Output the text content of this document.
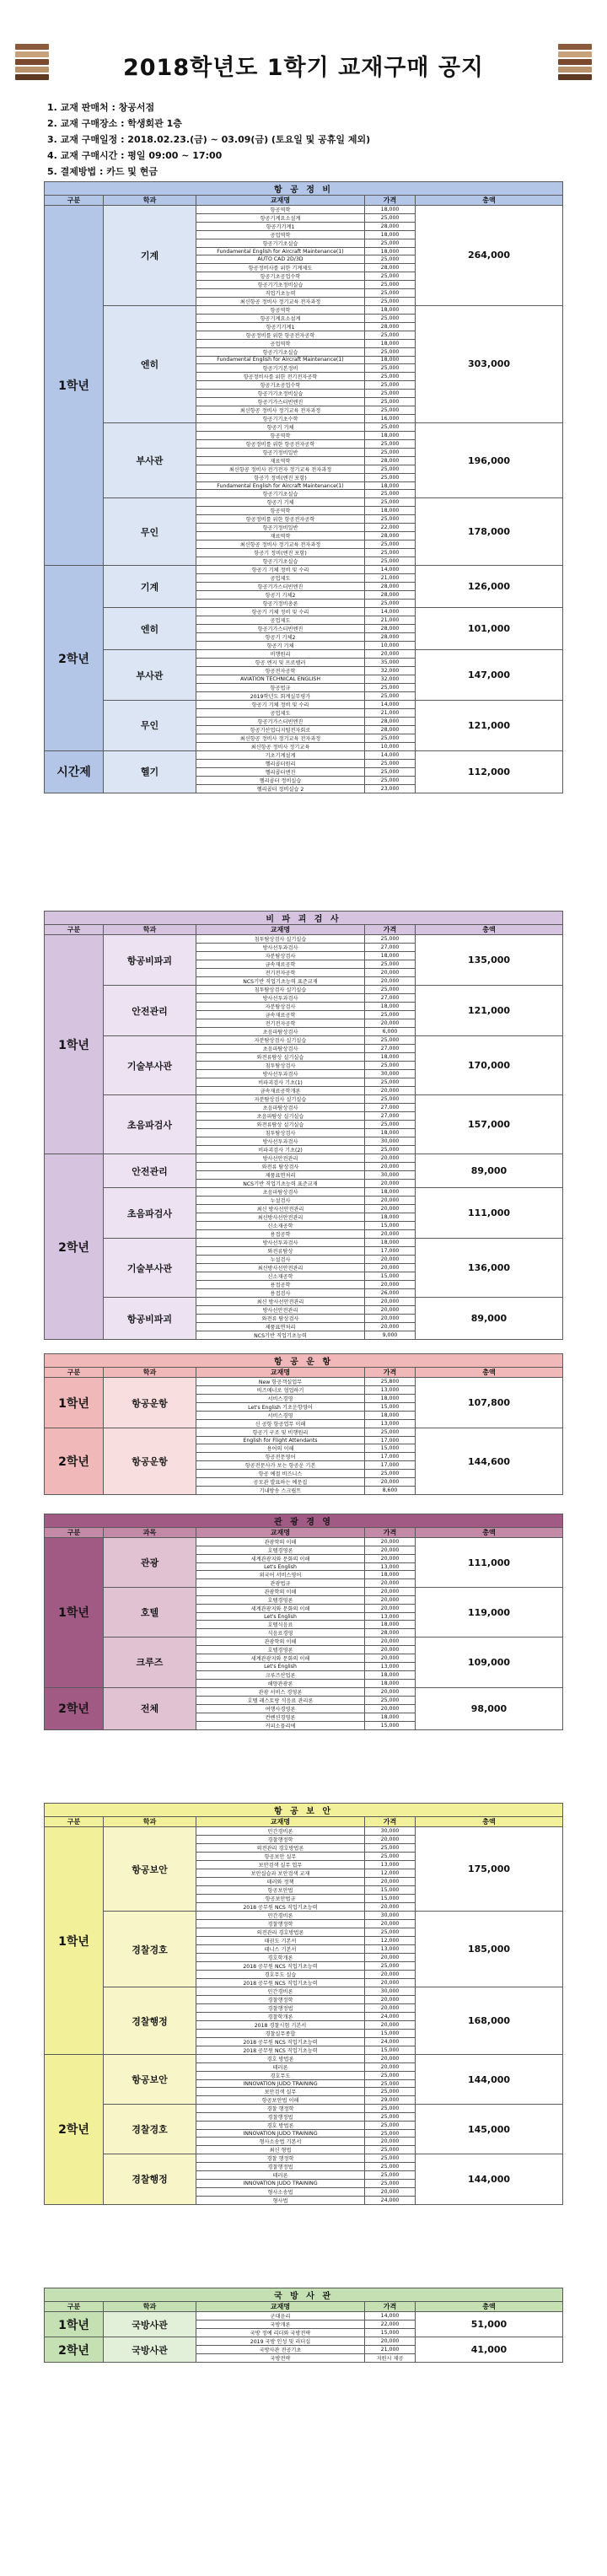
2018학년도 1학기 교재구매 공지
1. 교재 판매처 : 창공서점
2. 교재 구매장소 : 학생회관 1층
3. 교재 구매일정 : 2018.02.23.(금) ~ 03.09(금) (토요일 및 공휴일 제외)
4. 교재 구매시간 : 평일 09:00 ~ 17:00
5. 결제방법 : 카드 및 현금
항 공 정 비				
구분	학과	교재명	가격	총액
1학년	기계	항공역학	18,000	264,000
		항공기계요소설계	25,000	
		항공기기계1	28,000	
		공업역학	18,000	
		항공기기초실습	25,000	
		Fundamental English for Aircraft Maintenance(1)	18,000	
		AUTO CAD 2D/3D	25,000	
		항공정비사를 위한 기계제도	28,000	
		항공기초공업수학	25,000	
		항공기기초정비실습	25,000	
		직업기초능력	25,000	
		최신항공 정비사 정기교육 전자과정	25,000	
	엔히	항공역학	18,000	303,000
		항공기계요소설계	25,000	
		항공기기계1	28,000	
		항공정비를 위한 항공전자공학	25,000	
		공업역학	18,000	
		항공기기초실습	25,000	
		Fundamental English for Aircraft Maintenance(1)	18,000	
		항공기기본정비	25,000	
		항공정비사를 위한 전기전자공학	25,000	
		항공기초공업수학	25,000	
		항공기기초정비실습	25,000	
		항공기가스터빈엔진	25,000	
		최신항공 정비사 정기교육 전자과정	25,000	
		항공기기초수학	16,000	
	부사관	항공기 기체	25,000	196,000
		항공역학	18,000	
		항공정비를 위한 항공전자공학	25,000	
		항공기정비일반	25,000	
		재료역학	28,000	
		최신항공 정비사 전기전자 정기교육 전자과정	25,000	
		항공기 정비(엔진 포함)	25,000	
		Fundamental English for Aircraft Maintenance(1)	18,000	
		항공기기초실습	25,000	
	무인	항공기 기체	25,000	178,000
		항공역학	18,000	
		항공정비를 위한 항공전자공학	25,000	
		항공기정비일반	22,000	
		재료역학	28,000	
		최신항공 정비사 정기교육 전자과정	25,000	
		항공기 정비(엔진 포함)	25,000	
		항공기기초실습	25,000	
2학년	기계	항공기 기체 정비 및 수리	14,000	126,000
		공업제도	21,000	
		항공기가스터빈엔진	28,000	
		항공기 기체2	28,000	
		항공기정비총론	25,000	
	엔히	항공기 기체 정비 및 수리	14,000	101,000
		공업제도	21,000	
		항공기가스터빈엔진	28,000	
		항공기 기체2	28,000	
		항공기 기체	10,000	
	부사관	비행원리	20,000	147,000
		항공 엔지 및 프로펠러	35,000	
		항공전자공학	32,000	
		AVIATION TECHNICAL ENGLISH	32,000	
		항공법규	25,000	
		2019학년도 회계실무평가	25,000	
	무인	항공기 기체 정비 및 수리	14,000	121,000
		공업제도	21,000	
		항공기가스터빈엔진	28,000	
		항공기산업디지털전자회로	28,000	
		최신항공 정비사 정기교육 전자과정	25,000	
		최신항공 정비사 정기교육	10,000	
시간제	헬기	기초기계설계	14,000	112,000
		헬리콥터원리	25,000	
		헬리콥터엔진	25,000	
		헬리콥터 정비실습	25,000	
		헬리콥터 정비실습 2	23,000	
비 파 괴 검 사				
구분	학과	교재명	가격	총액
1학년	항공비파괴	침투탐상검사 실기실습	25,000	135,000
		방사선투과검사	27,000	
		자분탐상검사	18,000	
		금속재료공학	25,000	
		전기전자공학	20,000	
		NCS기반 직업기초능력 표준교재	20,000	
	안전관리	침투탐상검사 실기실습	25,000	121,000
		방사선투과검사	27,000	
		자분탐상검사	18,000	
		금속재료공학	25,000	
		전기전자공학	20,000	
		초음파탐상검사	6,000	
	기술부사관	자분탐상검사 실기실습	25,000	170,000
		초음파탐상검사	27,000	
		와전류탐상 실기실습	18,000	
		침투탐상검사	25,000	
		방사선투과검사	30,000	
		비파괴검사 기초(1)	25,000	
		금속재료공학개론	20,000	
	초음파검사	자분탐상검사 실기실습	25,000	157,000
		초음파탐상검사	27,000	
		초음파탐상 실기실습	27,000	
		와전류탐상 실기실습	25,000	
		침투탐상검사	18,000	
		방사선투과검사	30,000	
		비파괴검사 기초(2)	25,000	
2학년	안전관리	방사선안전관리	20,000	89,000
		와전류 탐상검사	20,000	
		제품표면처리	30,000	
		NCS기반 직업기초능력 표준교재	20,000	
	초음파검사	초음파탐상검사	18,000	111,000
		누설검사	20,000	
		최신 방사선안전관리	20,000	
		최신방사선안전관리	18,000	
		신소재공학	15,000	
		용접공학	20,000	
	기술부사관	방사선투과검사	18,000	136,000
		와전류탐상	17,000	
		누설검사	20,000	
		최신방사선안전관리	20,000	
		신소재공학	15,000	
		용접공학	20,000	
		용접검사	26,000	
	항공비파괴	최신 방사선안전관리	20,000	89,000
		방사선안전관리	20,000	
		와전류 탐상검사	20,000	
		제품표면처리	20,000	
		NCS기반 직업기초능력	9,000	
항 공 운 항				
구분	학과	교재명	가격	총액
1학년	항공운항	New 항공객실업무	25,800	107,800
		비즈매너로 협업하기	13,000	
		서비스경영	18,000	
		Let's English 기초운항영어	15,000	
		서비스경영	18,000	
		신 공항 항공업무 이해	13,000	
2학년	항공운항	항공기 구조 및 비행원리	25,000	144,600
		English for Flight Attendants	17,000	
		용어의 이해	15,000	
		항공전문영어	17,000	
		항공전문사가 보는 항공운 기본	17,000	
		항공 예절 비즈니스	25,000	
		공모관 발표하는 예문집	20,000	
		기내방송 스크립트	8,600	
관 광 경 영				
구분	과목	교재명	가격	총액
1학년	관광	관광학의 이해	20,000	111,000
		호텔경영론	20,000	
		세계관광지와 문화의 이해	20,000	
		Let's English	13,000	
		외국어 서비스영어	18,000	
		관광법규	20,000	
	호텔	관광학의 이해	20,000	119,000
		호텔경영론	20,000	
		세계관광지와 문화의 이해	20,000	
		Let's English	13,000	
		호텔식음료	18,000	
		식음료경영	28,000	
	크루즈	관광학의 이해	20,000	109,000
		호텔경영론	20,000	
		세계관광지와 문화의 이해	20,000	
		Let's English	13,000	
		크루즈산업론	18,000	
		해양관광론	18,000	
2학년	전체	관광 서비스 경영론	20,000	98,000
		호텔 레스토랑 식음료 관리론	25,000	
		여행사경영론	20,000	
		컨벤션경영론	18,000	
		커피소믈리에	15,000	
항 공 보 안				
구분	학과	교재명	가격	총액
1학년	항공보안	민간경비론	30,000	175,000
		경찰행정학	20,000	
		의전관리 경호방법론	25,000	
		항공보안 실무	25,000	
		보안검색 실무 업무	13,000	
		보안실습과 보안검색 교재	12,000	
		테러와 정책	20,000	
		항공보안법	15,000	
		항공보안법규	15,000	
		2018 공무원 NCS 직업기초능력	20,000	
	경찰경호	민간경비론	30,000	185,000
		경찰행정학	20,000	
		의전관리 경호방법론	25,000	
		태권도 기본서	12,000	
		테니스 기본서	13,000	
		경호학개론	20,000	
		2018 공무원 NCS 직업기초능력	25,000	
		경호무도 실습	20,000	
		2018 공무원 NCS 직업기초능력	20,000	
	경찰행정	민간경비론	30,000	168,000
		경찰행정학	20,000	
		경찰행정법	20,000	
		경찰학개론	24,000	
		2018 경찰시험 기본서	20,000	
		경찰실무종합	15,000	
		2018 공무원 NCS 직업기초능력	24,000	
		2018 공무원 NCS 직업기초능력	15,000	
2학년	항공보안	경호 방법론	20,000	144,000
		테러론	20,000	
		경호무도	25,000	
		INNOVATION JUDO TRAINING	25,000	
		보안검색 실무	25,000	
		항공보안법 이해	29,000	
	경찰경호	경찰 행정학	25,000	145,000
		경찰행정법	25,000	
		경호 방법론	25,000	
		INNOVATION JUDO TRAINING	25,000	
		형사소송법 기본서	20,000	
		최신 형법	25,000	
	경찰행정	경찰 행정학	25,000	144,000
		경찰행정법	25,000	
		테러론	25,000	
		INNOVATION JUDO TRAINING	25,000	
		형사소송법	20,000	
		형사법	24,000	
국 방 사 관				
구분	학과	교재명	가격	총액
1학년	국방사관	군대윤리	14,000	51,000
		국방개론	22,000	
		국방 정예 리더와 국방전략	15,000	
2학년	국방사관	2019 국방 인성 및 리더십	20,000	41,000
		국방사관 전공기초	21,000	
		국방전략	지원시 제공	
